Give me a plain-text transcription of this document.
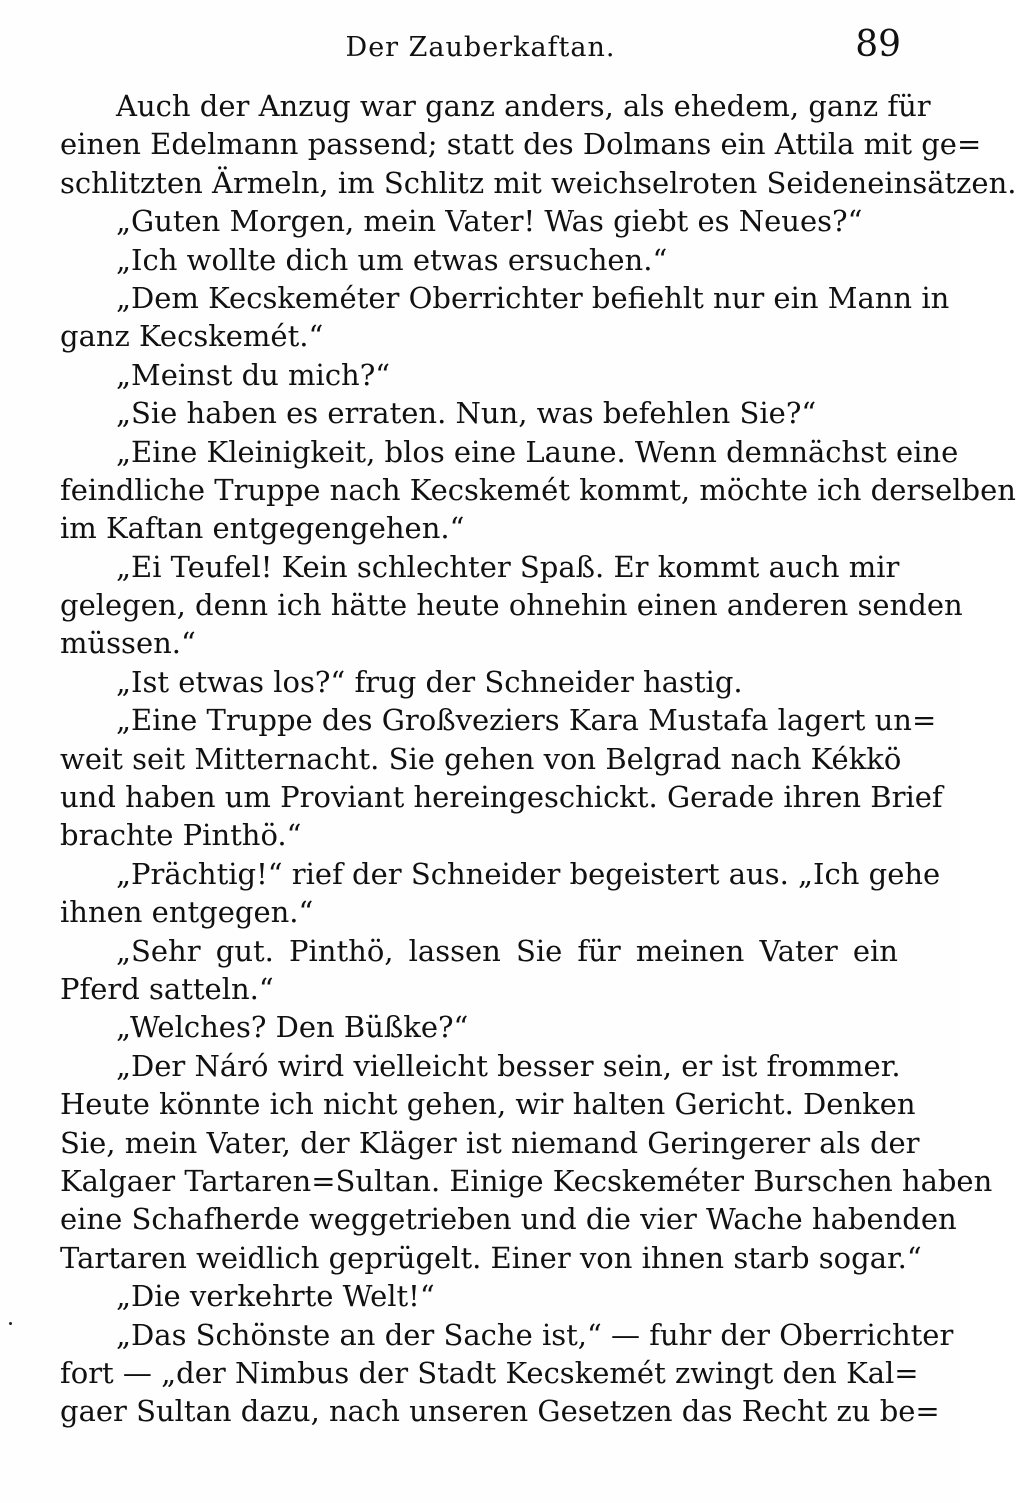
Der Zauberkaftan.	89
Auch der Anzug war ganz anders, als ehedem, ganz für
einen Edelmann passend; statt des Dolmans ein Attila mit ge=
schlitzten Ärmeln, im Schlitz mit weichselroten Seideneinsätzen.
„Guten Morgen, mein Vater! Was giebt es Neues?“
„Ich wollte dich um etwas ersuchen.“
„Dem Kecskeméter Oberrichter befiehlt nur ein Mann in
ganz Kecskemét.“
„Meinst du mich?“
„Sie haben es erraten. Nun, was befehlen Sie?“
„Eine Kleinigkeit, blos eine Laune. Wenn demnächst eine
feindliche Truppe nach Kecskemét kommt, möchte ich derselben
im Kaftan entgegengehen.“
„Ei Teufel! Kein schlechter Spaß. Er kommt auch mir
gelegen, denn ich hätte heute ohnehin einen anderen senden
müssen.“
„Ist etwas los?“ frug der Schneider hastig.
„Eine Truppe des Großveziers Kara Mustafa lagert un=
weit seit Mitternacht. Sie gehen von Belgrad nach Kékkö
und haben um Proviant hereingeschickt. Gerade ihren Brief
brachte Pinthö.“
„Prächtig!“ rief der Schneider begeistert aus. „Ich gehe
ihnen entgegen.“
„Sehr gut. Pinthö, lassen Sie für meinen Vater ein
Pferd satteln.“
„Welches? Den Büßke?“
„Der Náró wird vielleicht besser sein, er ist frommer.
Heute könnte ich nicht gehen, wir halten Gericht. Denken
Sie, mein Vater, der Kläger ist niemand Geringerer als der
Kalgaer Tartaren=Sultan. Einige Kecskeméter Burschen haben
eine Schafherde weggetrieben und die vier Wache habenden
Tartaren weidlich geprügelt. Einer von ihnen starb sogar.“
„Die verkehrte Welt!“
„Das Schönste an der Sache ist,“ — fuhr der Oberrichter
fort — „der Nimbus der Stadt Kecskemét zwingt den Kal=
gaer Sultan dazu, nach unseren Gesetzen das Recht zu be=
